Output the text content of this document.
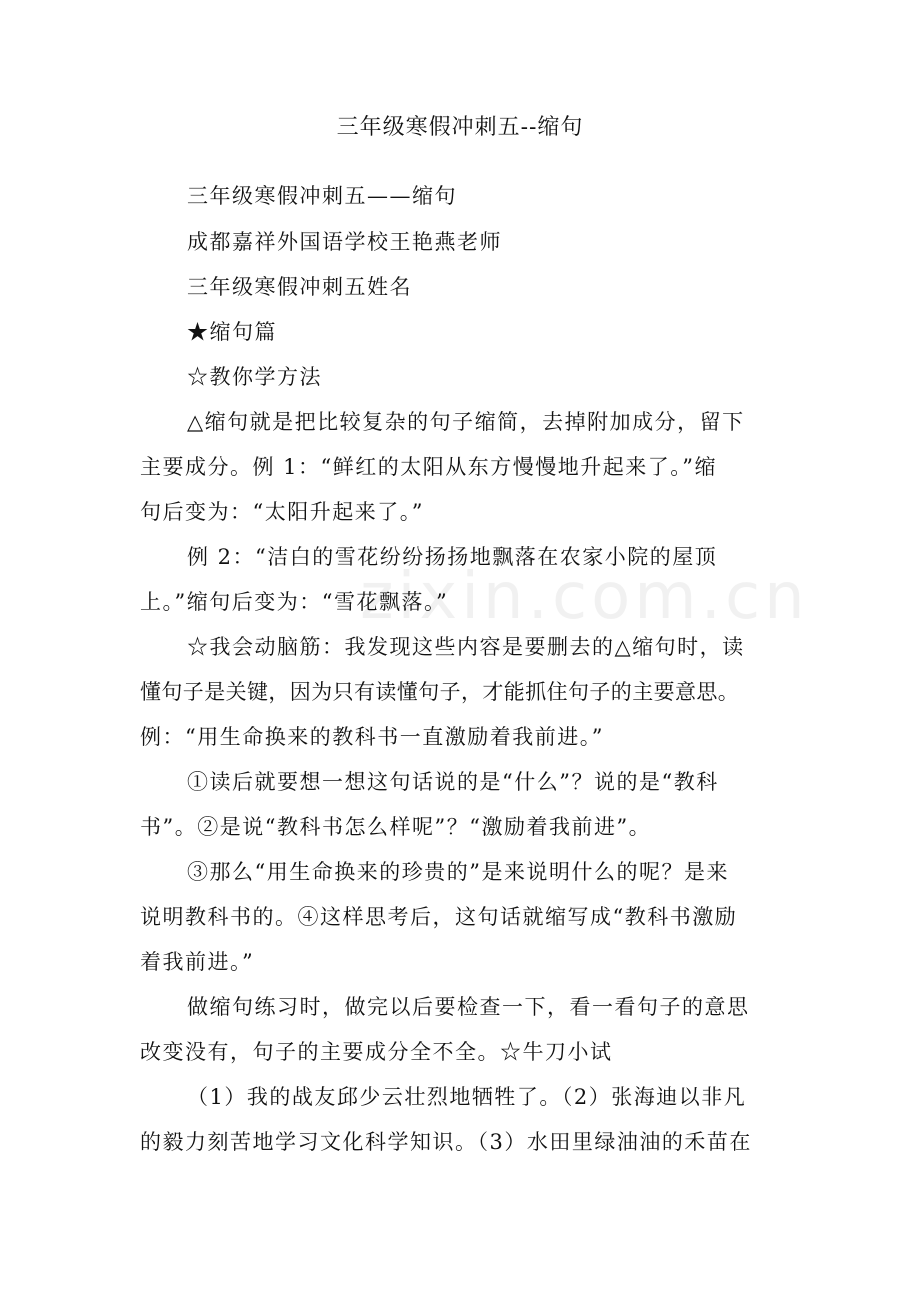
zixin.com.cn
三年级寒假冲刺五--缩句
三年级寒假冲刺五——缩句
成都嘉祥外国语学校王艳燕老师
三年级寒假冲刺五姓名
★缩句篇
☆教你学方法
△缩句就是把比较复杂的句子缩简，去掉附加成分，留下
主要成分。例 1：“鲜红的太阳从东方慢慢地升起来了。”缩
句后变为：“太阳升起来了。”
例 2：“洁白的雪花纷纷扬扬地飘落在农家小院的屋顶
上。”缩句后变为：“雪花飘落。”
☆我会动脑筋：我发现这些内容是要删去的△缩句时，读
懂句子是关键，因为只有读懂句子，才能抓住句子的主要意思。
例：“用生命换来的教科书一直激励着我前进。”
①读后就要想一想这句话说的是“什么”？说的是“教科
书”。②是说“教科书怎么样呢”？“激励着我前进”。
③那么“用生命换来的珍贵的”是来说明什么的呢？是来
说明教科书的。④这样思考后，这句话就缩写成“教科书激励
着我前进。”
做缩句练习时，做完以后要检查一下，看一看句子的意思
改变没有，句子的主要成分全不全。☆牛刀小试
（1）我的战友邱少云壮烈地牺牲了。（2）张海迪以非凡
的毅力刻苦地学习文化科学知识。（3）水田里绿油油的禾苗在
